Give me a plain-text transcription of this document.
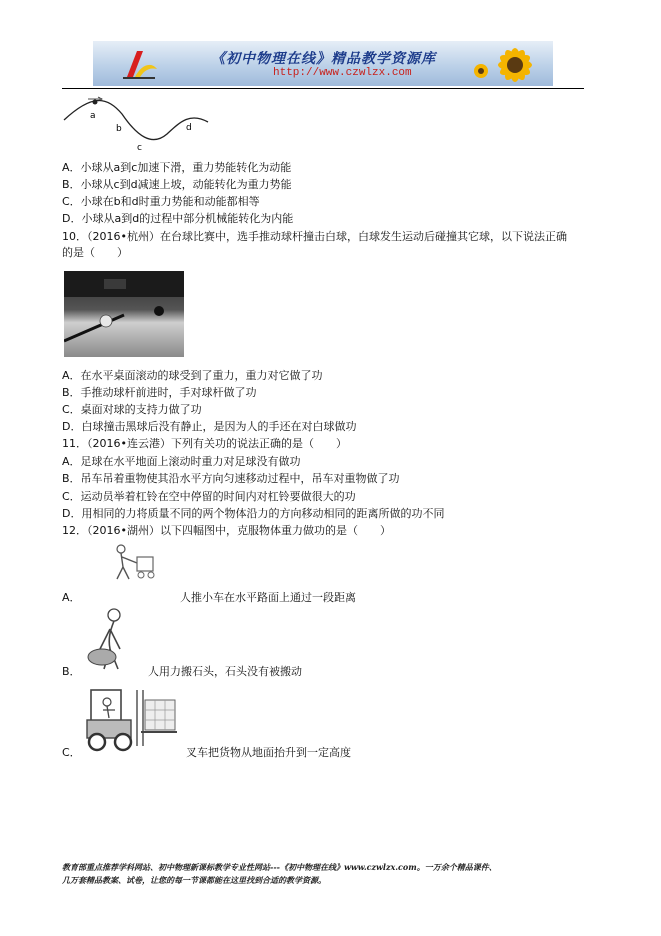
《初中物理在线》精品教学资源库
http://www.czwlzx.com
a
b
c
d
A．小球从a到c加速下滑，重力势能转化为动能
B．小球从c到d减速上坡，动能转化为重力势能
C．小球在b和d时重力势能和动能都相等
D．小球从a到d的过程中部分机械能转化为内能
10．（2016•杭州）在台球比赛中，选手推动球杆撞击白球，白球发生运动后碰撞其它球，以下说法正确
的是（　　）
A．在水平桌面滚动的球受到了重力，重力对它做了功
B．手推动球杆前进时，手对球杆做了功
C．桌面对球的支持力做了功
D．白球撞击黑球后没有静止，是因为人的手还在对白球做功
11．（2016•连云港）下列有关功的说法正确的是（　　）
A．足球在水平地面上滚动时重力对足球没有做功
B．吊车吊着重物使其沿水平方向匀速移动过程中，吊车对重物做了功
C．运动员举着杠铃在空中停留的时间内对杠铃要做很大的功
D．用相同的力将质量不同的两个物体沿力的方向移动相同的距离所做的功不同
12．（2016•湖州）以下四幅图中，克服物体重力做功的是（　　）
A．	人推小车在水平路面上通过一段距离
B．	人用力搬石头，石头没有被搬动
C．	叉车把货物从地面抬升到一定高度
教育部重点推荐学科网站、初中物理新课标教学专业性网站---《初中物理在线》www.czwlzx.com。一万余个精品课件、
几万套精品教案、试卷，让您的每一节课都能在这里找到合适的教学资源。
